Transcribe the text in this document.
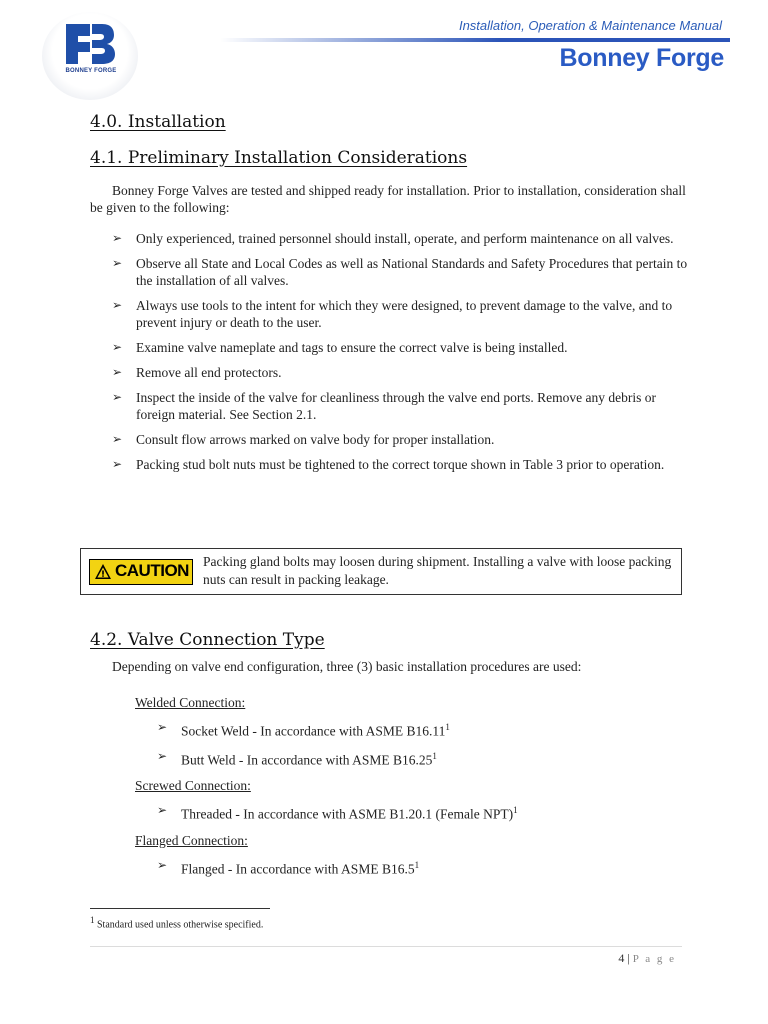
BONNEY FORGE
Installation, Operation & Maintenance Manual
Bonney Forge
4.0. Installation
4.1. Preliminary Installation Considerations

Bonney Forge Valves are tested and shipped ready for installation. Prior to installation, consideration shall be given to the following:

➢ Only experienced, trained personnel should install, operate, and perform maintenance on all valves.
➢ Observe all State and Local Codes as well as National Standards and Safety Procedures that pertain to the installation of all valves.
➢ Always use tools to the intent for which they were designed, to prevent damage to the valve, and to prevent injury or death to the user.
➢ Examine valve nameplate and tags to ensure the correct valve is being installed.
➢ Remove all end protectors.
➢ Inspect the inside of the valve for cleanliness through the valve end ports. Remove any debris or foreign material. See Section 2.1.
➢ Consult flow arrows marked on valve body for proper installation.
➢ Packing stud bolt nuts must be tightened to the correct torque shown in Table 3 prior to operation.
CAUTION Packing gland bolts may loosen during shipment. Installing a valve with loose packing nuts can result in packing leakage.
4.2. Valve Connection Type

Depending on valve end configuration, three (3) basic installation procedures are used:

Welded Connection:
➢ Socket Weld - In accordance with ASME B16.11$^1$
➢ Butt Weld - In accordance with ASME B16.25$^1$
Screwed Connection:
➢ Threaded - In accordance with ASME B1.20.1 (Female NPT)$^1$
Flanged Connection:
➢ Flanged - In accordance with ASME B16.5$^1$
$^1$ Standard used unless otherwise specified.
4 | P a g e
